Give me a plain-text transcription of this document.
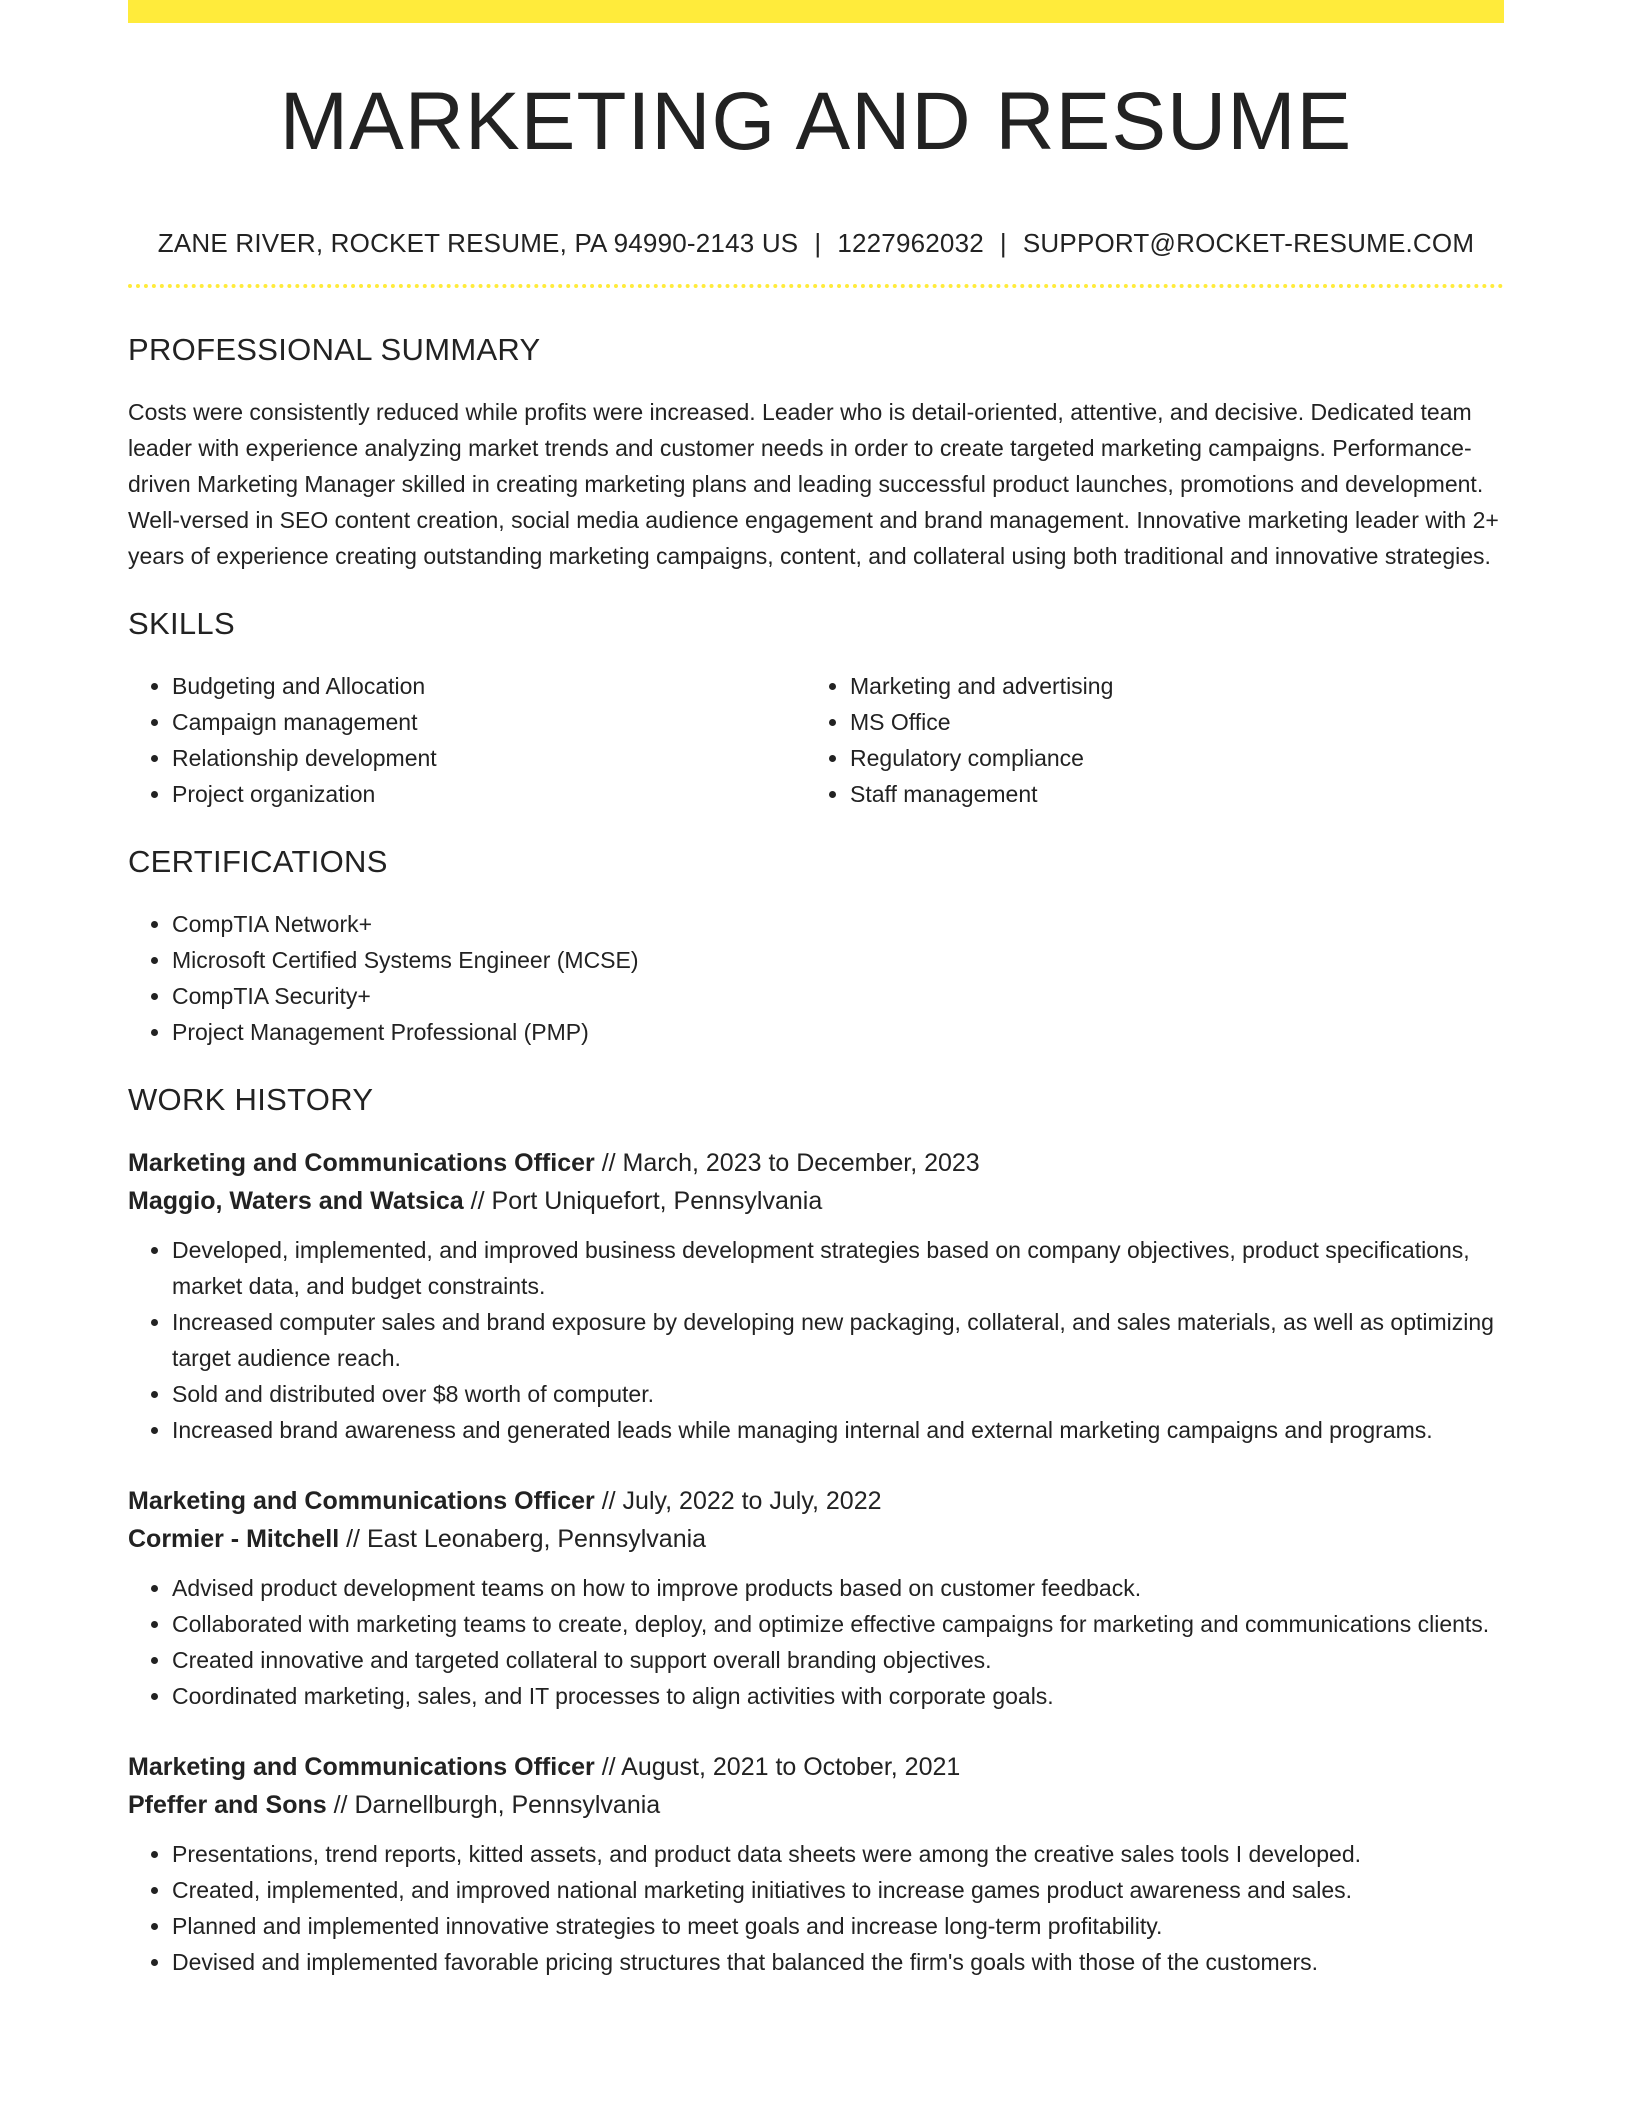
MARKETING AND RESUME
ZANE RIVER, ROCKET RESUME, PA 94990-2143 US | 1227962032 | SUPPORT@ROCKET-RESUME.COM
PROFESSIONAL SUMMARY
Costs were consistently reduced while profits were increased. Leader who is detail-oriented, attentive, and decisive. Dedicated team leader with experience analyzing market trends and customer needs in order to create targeted marketing campaigns. Performance-driven Marketing Manager skilled in creating marketing plans and leading successful product launches, promotions and development. Well-versed in SEO content creation, social media audience engagement and brand management. Innovative marketing leader with 2+ years of experience creating outstanding marketing campaigns, content, and collateral using both traditional and innovative strategies.
SKILLS
• Budgeting and Allocation
• Campaign management
• Relationship development
• Project organization
• Marketing and advertising
• MS Office
• Regulatory compliance
• Staff management
CERTIFICATIONS
• CompTIA Network+
• Microsoft Certified Systems Engineer (MCSE)
• CompTIA Security+
• Project Management Professional (PMP)
WORK HISTORY
Marketing and Communications Officer // March, 2023 to December, 2023
Maggio, Waters and Watsica // Port Uniquefort, Pennsylvania
• Developed, implemented, and improved business development strategies based on company objectives, product specifications, market data, and budget constraints.
• Increased computer sales and brand exposure by developing new packaging, collateral, and sales materials, as well as optimizing target audience reach.
• Sold and distributed over $8 worth of computer.
• Increased brand awareness and generated leads while managing internal and external marketing campaigns and programs.
Marketing and Communications Officer // July, 2022 to July, 2022
Cormier - Mitchell // East Leonaberg, Pennsylvania
• Advised product development teams on how to improve products based on customer feedback.
• Collaborated with marketing teams to create, deploy, and optimize effective campaigns for marketing and communications clients.
• Created innovative and targeted collateral to support overall branding objectives.
• Coordinated marketing, sales, and IT processes to align activities with corporate goals.
Marketing and Communications Officer // August, 2021 to October, 2021
Pfeffer and Sons // Darnellburgh, Pennsylvania
• Presentations, trend reports, kitted assets, and product data sheets were among the creative sales tools I developed.
• Created, implemented, and improved national marketing initiatives to increase games product awareness and sales.
• Planned and implemented innovative strategies to meet goals and increase long-term profitability.
• Devised and implemented favorable pricing structures that balanced the firm's goals with those of the customers.
